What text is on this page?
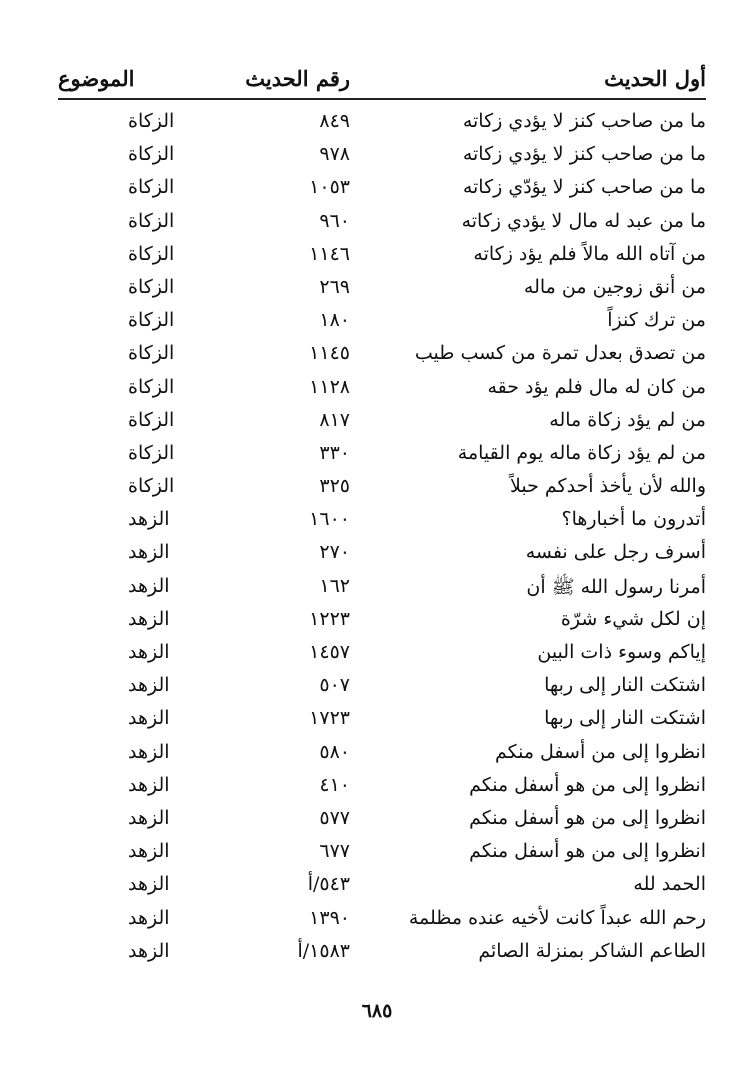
أول الحديث
رقم الحديث
الموضوع
ما من صاحب كنز لا يؤدي زكاته
٨٤٩
الزكاة
ما من صاحب كنز لا يؤدي زكاته
٩٧٨
الزكاة
ما من صاحب كنز لا يؤدّي زكاته
١٠٥٣
الزكاة
ما من عبد له مال لا يؤدي زكاته
٩٦٠
الزكاة
من آتاه الله مالاً فلم يؤد زكاته
١١٤٦
الزكاة
من أنق زوجين من ماله
٢٦٩
الزكاة
من ترك كنزاً
١٨٠
الزكاة
من تصدق بعدل تمرة من كسب طيب
١١٤٥
الزكاة
من كان له مال فلم يؤد حقه
١١٢٨
الزكاة
من لم يؤد زكاة ماله
٨١٧
الزكاة
من لم يؤد زكاة ماله يوم القيامة
٣٣٠
الزكاة
والله لأن يأخذ أحدكم حبلاً
٣٢٥
الزكاة
أتدرون ما أخبارها؟
١٦٠٠
الزهد
أسرف رجل على نفسه
٢٧٠
الزهد
أمرنا رسول الله ﷺ أن
١٦٢
الزهد
إن لكل شيء شرّة
١٢٢٣
الزهد
إياكم وسوء ذات البين
١٤٥٧
الزهد
اشتكت النار إلى ربها
٥٠٧
الزهد
اشتكت النار إلى ربها
١٧٢٣
الزهد
انظروا إلى من أسفل منكم
٥٨٠
الزهد
انظروا إلى من هو أسفل منكم
٤١٠
الزهد
انظروا إلى من هو أسفل منكم
٥٧٧
الزهد
انظروا إلى من هو أسفل منكم
٦٧٧
الزهد
الحمد لله
٥٤٣/أ
الزهد
رحم الله عبداً كانت لأخيه عنده مظلمة
١٣٩٠
الزهد
الطاعم الشاكر بمنزلة الصائم
١٥٨٣/أ
الزهد
٦٨٥
